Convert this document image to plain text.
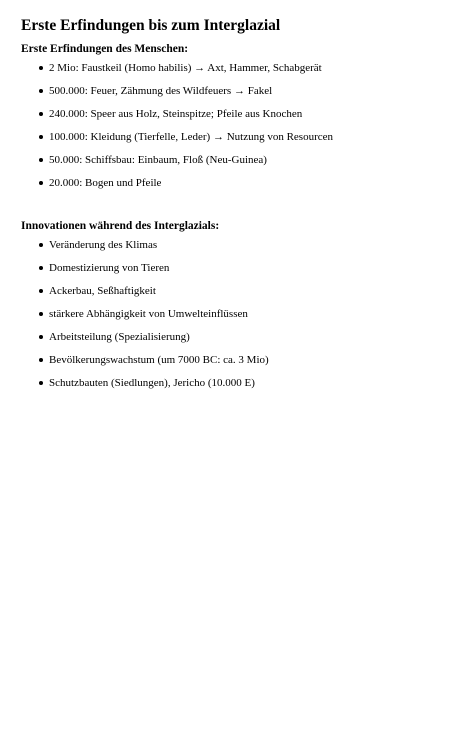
Erste Erfindungen bis zum Interglazial
Erste Erfindungen des Menschen:
2 Mio: Faustkeil (Homo habilis) → Axt, Hammer, Schabgerät
500.000: Feuer, Zähmung des Wildfeuers → Fakel
240.000: Speer aus Holz, Steinspitze; Pfeile aus Knochen
100.000: Kleidung (Tierfelle, Leder) → Nutzung von Resourcen
50.000: Schiffsbau: Einbaum, Floß (Neu-Guinea)
20.000: Bogen und Pfeile
Innovationen während des Interglazials:
Veränderung des Klimas
Domestizierung von Tieren
Ackerbau, Seßhaftigkeit
stärkere Abhängigkeit von Umwelteinflüssen
Arbeitsteilung (Spezialisierung)
Bevölkerungswachstum (um 7000 BC: ca. 3 Mio)
Schutzbauten (Siedlungen), Jericho (10.000 E)
